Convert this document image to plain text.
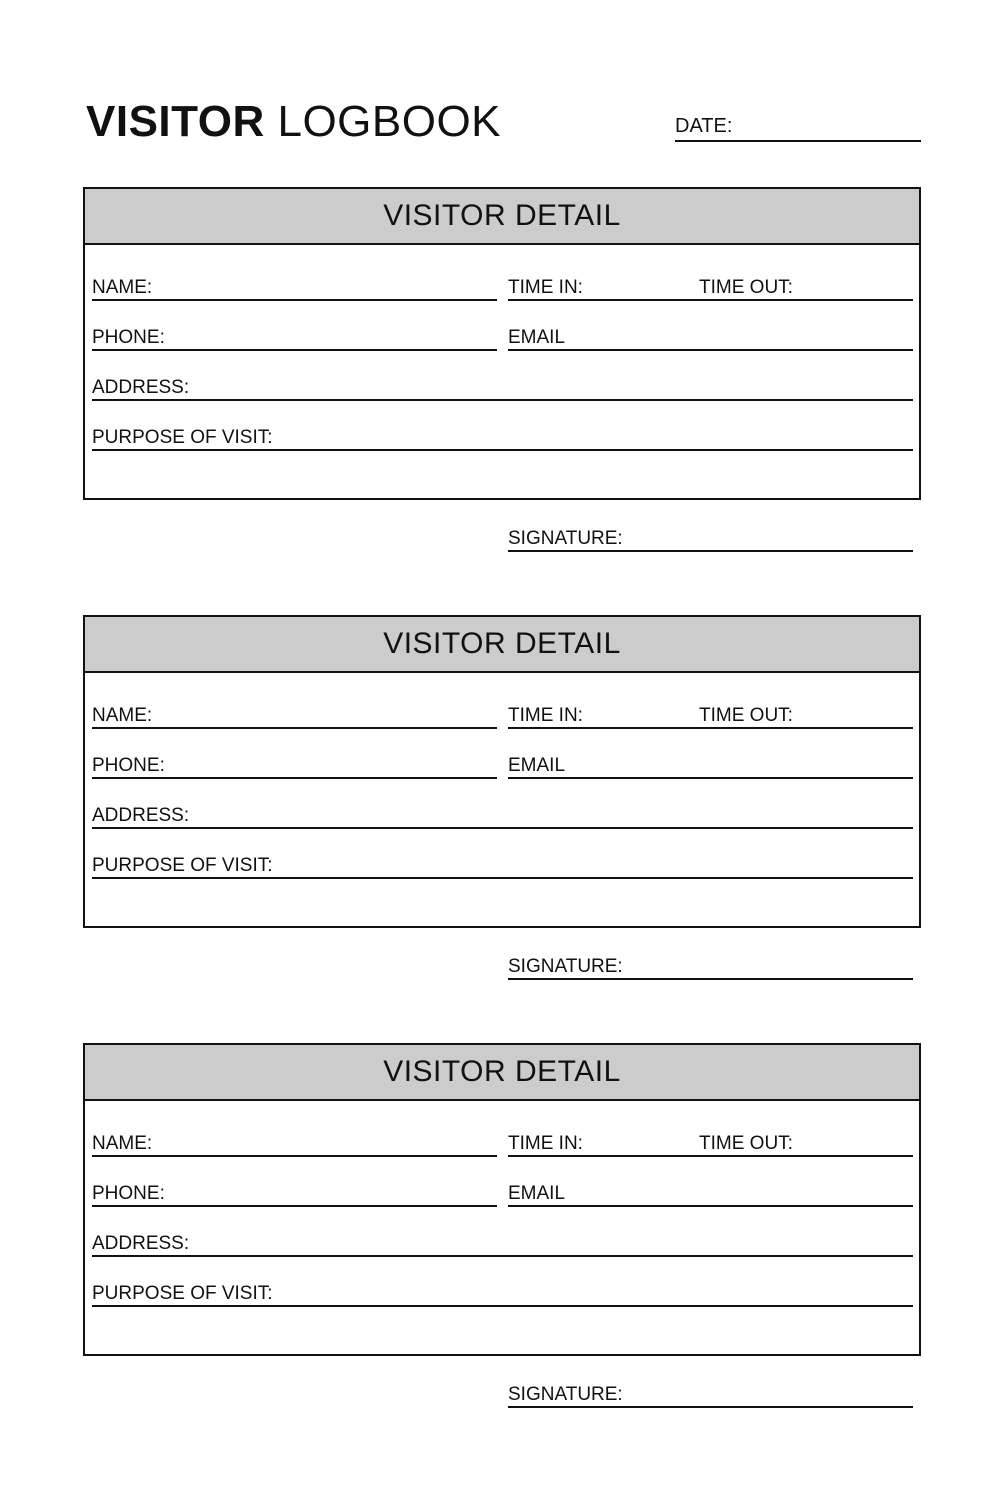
VISITOR LOGBOOK	DATE:
VISITOR DETAIL
NAME:	TIME IN:	TIME OUT:
PHONE:	EMAIL
ADDRESS:
PURPOSE OF VISIT:
SIGNATURE:
VISITOR DETAIL
NAME:	TIME IN:	TIME OUT:
PHONE:	EMAIL
ADDRESS:
PURPOSE OF VISIT:
SIGNATURE:
VISITOR DETAIL
NAME:	TIME IN:	TIME OUT:
PHONE:	EMAIL
ADDRESS:
PURPOSE OF VISIT:
SIGNATURE:
